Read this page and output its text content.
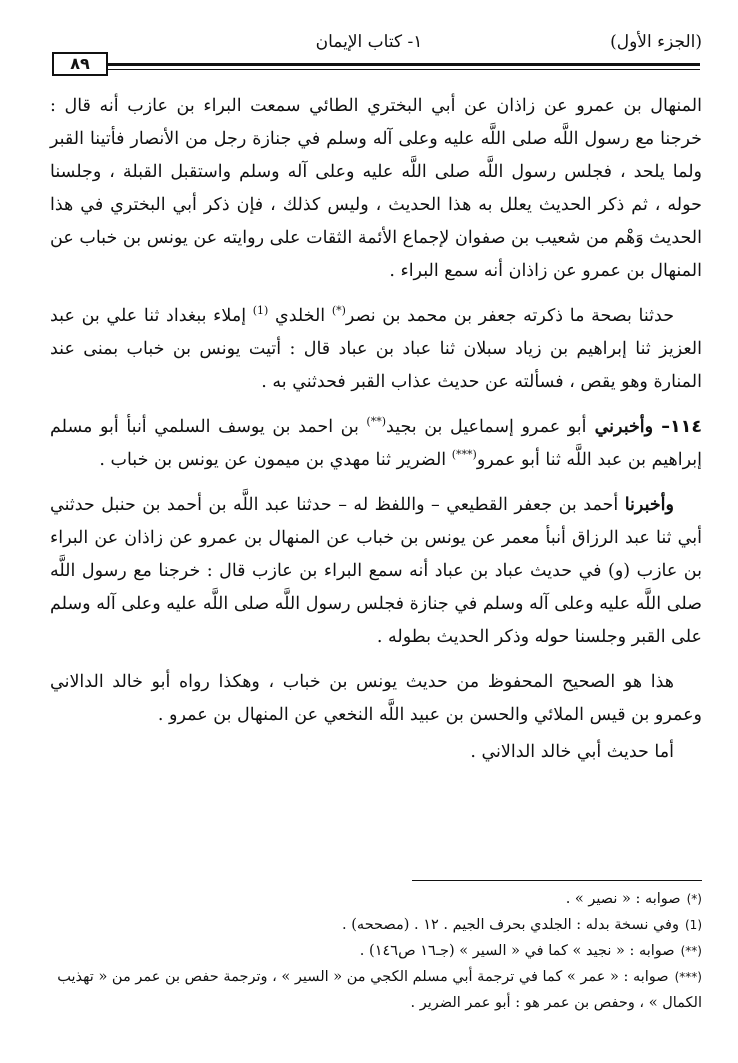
(الجزء الأول)
١- كتاب الإيمان
٨٩

المنهال بن عمرو عن زاذان عن أبي البختري الطائي سمعت البراء بن عازب أنه قال : خرجنا مع رسول اللَّه صلى اللَّه عليه وعلى آله وسلم في جنازة رجل من الأنصار فأتينا القبر ولما يلحد ، فجلس رسول اللَّه صلى اللَّه عليه وعلى آله وسلم واستقبل القبلة ، وجلسنا حوله ، ثم ذكر الحديث يعلل به هذا الحديث ، وليس كذلك ، فإن ذكر أبي البختري في هذا الحديث وَهْم من شعيب بن صفوان لإجماع الأئمة الثقات على روايته عن يونس بن خباب عن المنهال بن عمرو عن زاذان أنه سمع البراء .

حدثنا بصحة ما ذكرته جعفر بن محمد بن نصر(*) الخلدي $^{(1)}$ إملاء ببغداد ثنا علي بن عبد العزيز ثنا إبراهيم بن زياد سبلان ثنا عباد بن عباد قال : أتيت يونس بن خباب بمنى عند المنارة وهو يقص ، فسألته عن حديث عذاب القبر فحدثني به .

١١٤– وأخبرني أبو عمرو إسماعيل بن بجيد(**) بن احمد بن يوسف السلمي أنبأ أبو مسلم إبراهيم بن عبد اللَّه ثنا أبو عمرو(***) الضرير ثنا مهدي بن ميمون عن يونس بن خباب .

وأخبرنا أحمد بن جعفر القطيعي – واللفظ له – حدثنا عبد اللَّه بن أحمد بن حنبل حدثني أبي ثنا عبد الرزاق أنبأ معمر عن يونس بن خباب عن المنهال بن عمرو عن زاذان عن البراء بن عازب (و) في حديث عباد بن عباد أنه سمع البراء بن عازب قال : خرجنا مع رسول اللَّه صلى اللَّه عليه وعلى آله وسلم في جنازة فجلس رسول اللَّه صلى اللَّه عليه وعلى آله وسلم على القبر وجلسنا حوله وذكر الحديث بطوله .

هذا هو الصحيح المحفوظ من حديث يونس بن خباب ، وهكذا رواه أبو خالد الدالاني وعمرو بن قيس الملائي والحسن بن عبيد اللَّه النخعي عن المنهال بن عمرو .

أما حديث أبي خالد الدالاني .

(*)صوابه : « نصير » .
(1)وفي نسخة بدله : الجلدي بحرف الجيم . ١٢ . (مصححه) .
(**)صوابه : « نجيد » كما في « السير » (جـ١٦ ص١٤٦) .
(***)صوابه : « عمر » كما في ترجمة أبي مسلم الكجي من « السير » ، وترجمة حفص بن عمر من « تهذيب الكمال » ، وحفص بن عمر هو : أبو عمر الضرير .
